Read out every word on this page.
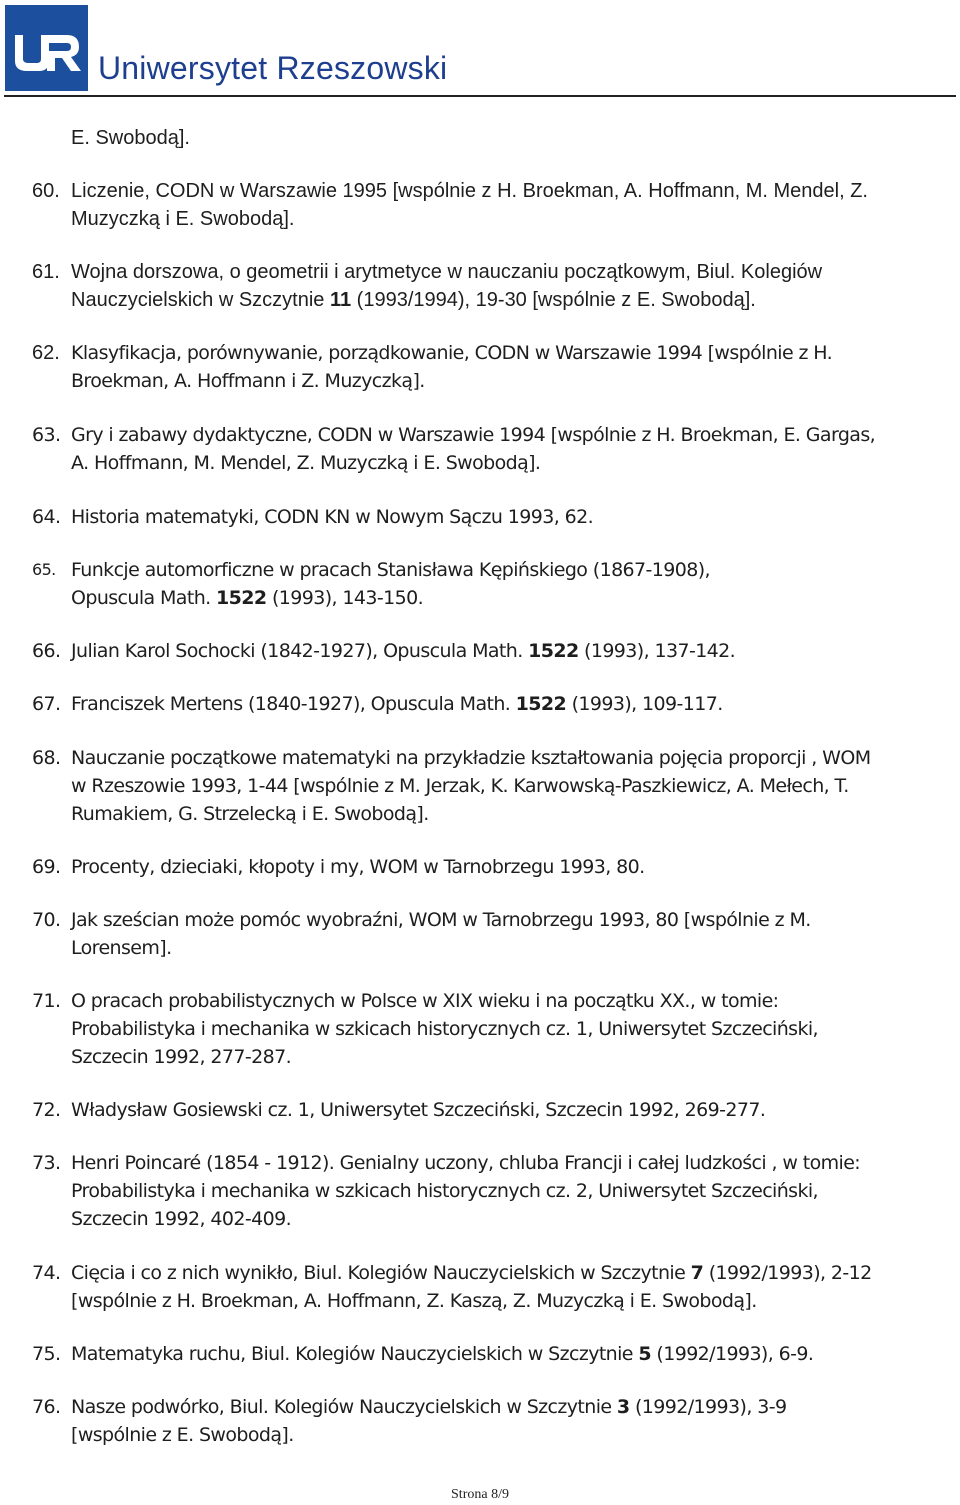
Uniwersytet Rzeszowski
E. Swobodą].
60. Liczenie, CODN w Warszawie 1995 [wspólnie z H. Broekman, A. Hoffmann, M. Mendel, Z.
Muzyczką i E. Swobodą].
61. Wojna dorszowa, o geometrii i arytmetyce w nauczaniu początkowym, Biul. Kolegiów
Nauczycielskich w Szczytnie 11 (1993/1994), 19-30 [wspólnie z E. Swobodą].
62. Klasyfikacja, porównywanie, porządkowanie, CODN w Warszawie 1994 [wspólnie z H.
Broekman, A. Hoffmann i Z. Muzyczką].
63. Gry i zabawy dydaktyczne, CODN w Warszawie 1994 [wspólnie z H. Broekman, E. Gargas,
A. Hoffmann, M. Mendel, Z. Muzyczką i E. Swobodą].
64. Historia matematyki, CODN KN w Nowym Sączu 1993, 62.
65. Funkcje automorficzne w pracach Stanisława Kępińskiego (1867-1908),
Opuscula Math. 1522 (1993), 143-150.
66. Julian Karol Sochocki (1842-1927), Opuscula Math. 1522 (1993), 137-142.
67. Franciszek Mertens (1840-1927), Opuscula Math. 1522 (1993), 109-117.
68. Nauczanie początkowe matematyki na przykładzie kształtowania pojęcia proporcji , WOM
w Rzeszowie 1993, 1-44 [wspólnie z M. Jerzak, K. Karwowską-Paszkiewicz, A. Mełech, T.
Rumakiem, G. Strzelecką i E. Swobodą].
69. Procenty, dzieciaki, kłopoty i my, WOM w Tarnobrzegu 1993, 80.
70. Jak sześcian może pomóc wyobraźni, WOM w Tarnobrzegu 1993, 80 [wspólnie z M.
Lorensem].
71. O pracach probabilistycznych w Polsce w XIX wieku i na początku XX., w tomie:
Probabilistyka i mechanika w szkicach historycznych cz. 1, Uniwersytet Szczeciński,
Szczecin 1992, 277-287.
72. Władysław Gosiewski cz. 1, Uniwersytet Szczeciński, Szczecin 1992, 269-277.
73. Henri Poincaré (1854 - 1912). Genialny uczony, chluba Francji i całej ludzkości , w tomie:
Probabilistyka i mechanika w szkicach historycznych cz. 2, Uniwersytet Szczeciński,
Szczecin 1992, 402-409.
74. Cięcia i co z nich wynikło, Biul. Kolegiów Nauczycielskich w Szczytnie 7 (1992/1993), 2-12
[wspólnie z H. Broekman, A. Hoffmann, Z. Kaszą, Z. Muzyczką i E. Swobodą].
75. Matematyka ruchu, Biul. Kolegiów Nauczycielskich w Szczytnie 5 (1992/1993), 6-9.
76. Nasze podwórko, Biul. Kolegiów Nauczycielskich w Szczytnie 3 (1992/1993), 3-9
[wspólnie z E. Swobodą].
Strona 8/9
